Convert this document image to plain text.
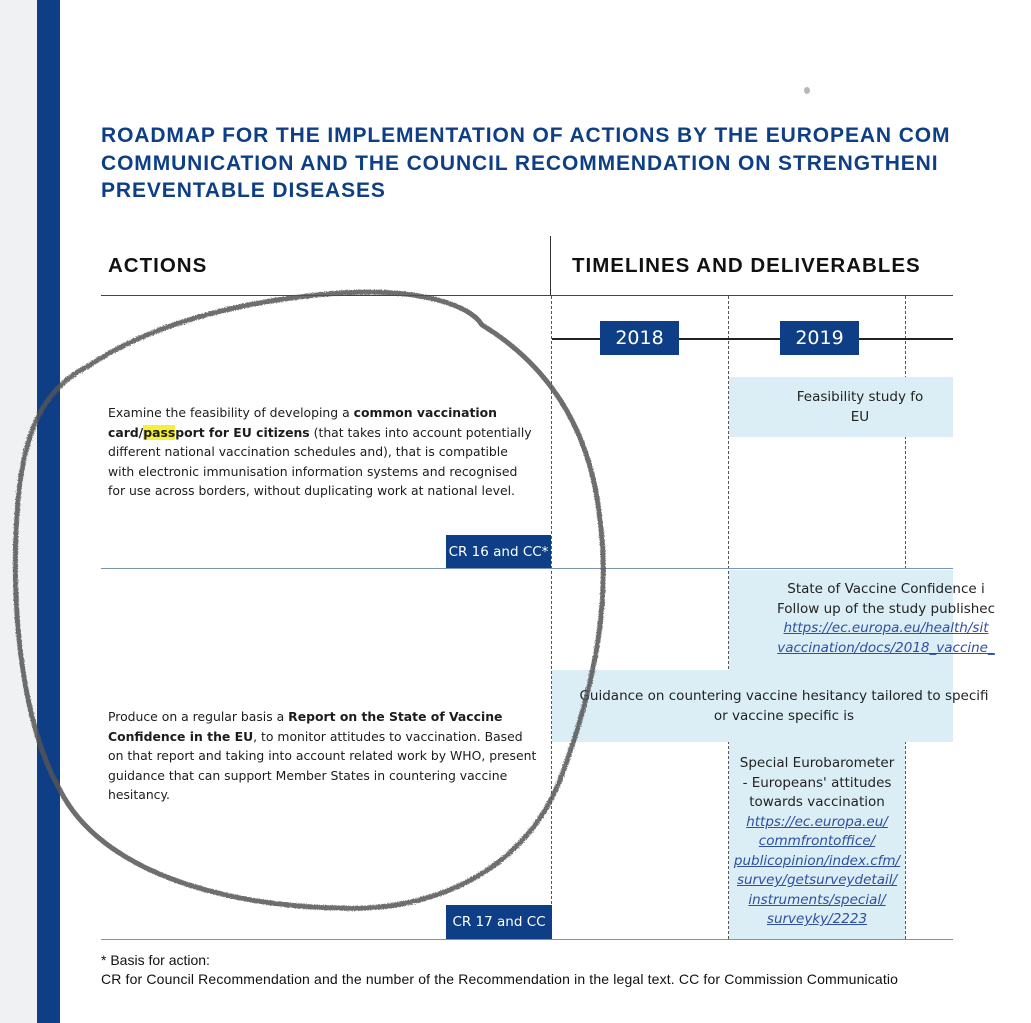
ROADMAP FOR THE IMPLEMENTATION OF ACTIONS BY THE EUROPEAN COM
COMMUNICATION AND THE COUNCIL RECOMMENDATION ON STRENGTHENI
PREVENTABLE DISEASES
ACTIONS	TIMELINES AND DELIVERABLES
2018	2019
Feasibility study fo
EU
State of Vaccine Confidence i
Follow up of the study publishec
https://ec.europa.eu/health/sit
vaccination/docs/2018_vaccine_
Guidance on countering vaccine hesitancy tailored to specifi
or vaccine specific is
Special Eurobarometer
- Europeans' attitudes
towards vaccination
https://ec.europa.eu/
commfrontoffice/
publicopinion/index.cfm/
survey/getsurveydetail/
instruments/special/
surveyky/2223
Examine the feasibility of developing a common vaccination card/passport for EU citizens (that takes into account potentially different national vaccination schedules and), that is compatible with electronic immunisation information systems and recognised for use across borders, without duplicating work at national level.
Produce on a regular basis a Report on the State of Vaccine Confidence in the EU, to monitor attitudes to vaccination. Based on that report and taking into account related work by WHO, present guidance that can support Member States in countering vaccine hesitancy.
CR 16 and CC*
CR 17 and CC
* Basis for action:
CR for Council Recommendation and the number of the Recommendation in the legal text. CC for Commission Communicatio
